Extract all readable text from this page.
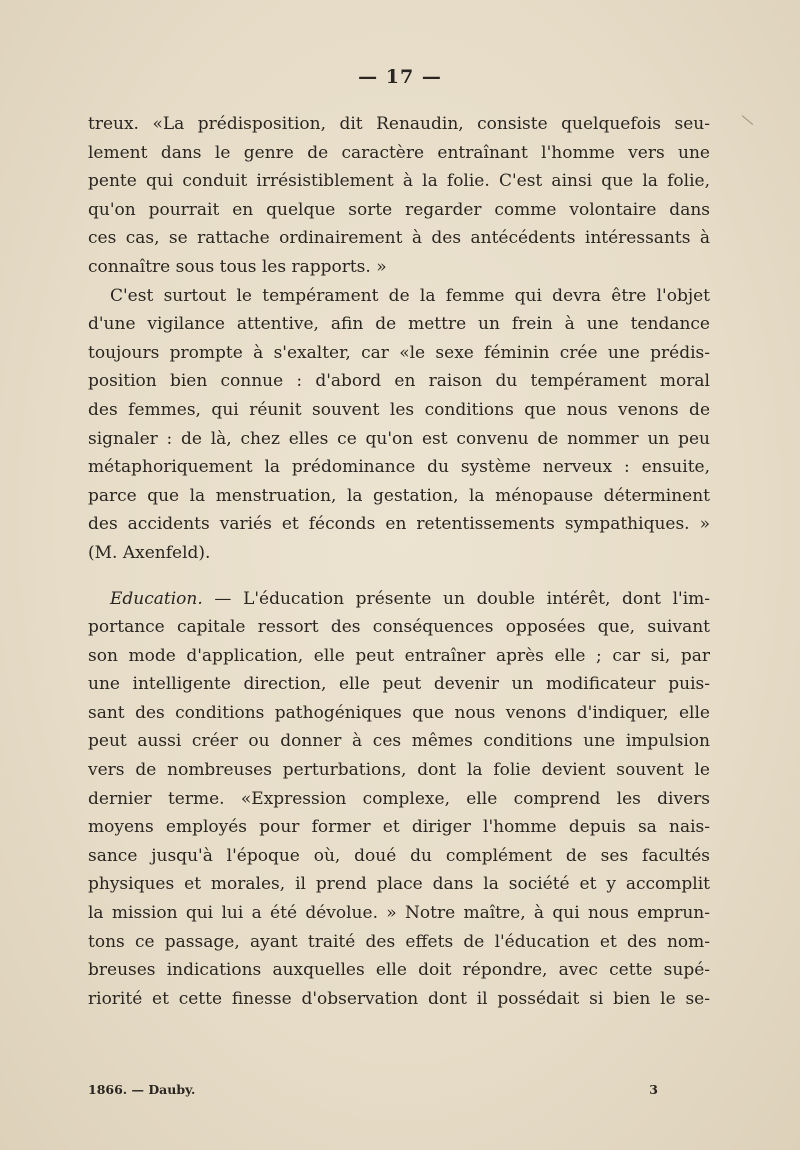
— 17 —
treux. «La prédisposition, dit Renaudin, consiste quelquefois seu-
lement dans le genre de caractère entraînant l'homme vers une
pente qui conduit irrésistiblement à la folie. C'est ainsi que la folie,
qu'on pourrait en quelque sorte regarder comme volontaire dans
ces cas, se rattache ordinairement à des antécédents intéressants à
connaître sous tous les rapports. »
C'est surtout le tempérament de la femme qui devra être l'objet
d'une vigilance attentive, afin de mettre un frein à une tendance
toujours prompte à s'exalter, car «le sexe féminin crée une prédis-
position bien connue : d'abord en raison du tempérament moral
des femmes, qui réunit souvent les conditions que nous venons de
signaler : de là, chez elles ce qu'on est convenu de nommer un peu
métaphoriquement la prédominance du système nerveux : ensuite,
parce que la menstruation, la gestation, la ménopause déterminent
des accidents variés et féconds en retentissements sympathiques. »
(M. Axenfeld).
Education. — L'éducation présente un double intérêt, dont l'im-
portance capitale ressort des conséquences opposées que, suivant
son mode d'application, elle peut entraîner après elle ; car si, par
une intelligente direction, elle peut devenir un modificateur puis-
sant des conditions pathogéniques que nous venons d'indiquer, elle
peut aussi créer ou donner à ces mêmes conditions une impulsion
vers de nombreuses perturbations, dont la folie devient souvent le
dernier terme. «Expression complexe, elle comprend les divers
moyens employés pour former et diriger l'homme depuis sa nais-
sance jusqu'à l'époque où, doué du complément de ses facultés
physiques et morales, il prend place dans la société et y accomplit
la mission qui lui a été dévolue. » Notre maître, à qui nous emprun-
tons ce passage, ayant traité des effets de l'éducation et des nom-
breuses indications auxquelles elle doit répondre, avec cette supé-
riorité et cette finesse d'observation dont il possédait si bien le se-
1866. — Dauby.	3
